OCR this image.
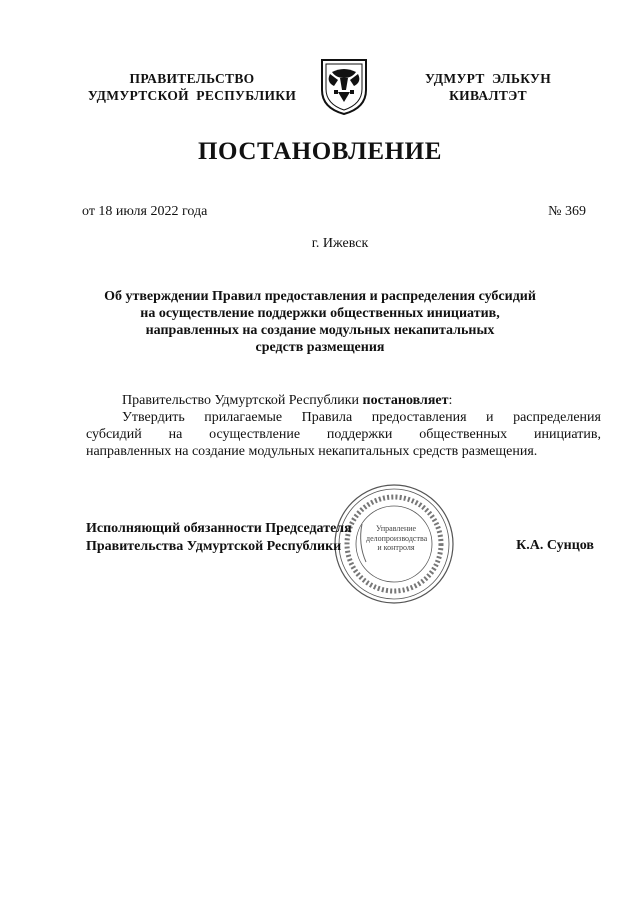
ПРАВИТЕЛЬСТВО
УДМУРТСКОЙ  РЕСПУБЛИКИ
УДМУРТ  ЭЛЬКУН
КИВАЛТЭТ
ПОСТАНОВЛЕНИЕ
от 18 июля 2022 года	№ 369
г. Ижевск
Об утверждении Правил предоставления и распределения субсидий
на осуществление поддержки общественных инициатив,
направленных на создание модульных некапитальных
средств размещения

Правительство Удмуртской Республики постановляет:

Утвердить прилагаемые Правила предоставления и распределения

субсидий на осуществление поддержки общественных инициатив,

направленных на создание модульных некапитальных средств размещения.

Управление
делопроизводства
и контроля
Исполняющий обязанности Председателя
Правительства Удмуртской Республики	К.А. Сунцов
